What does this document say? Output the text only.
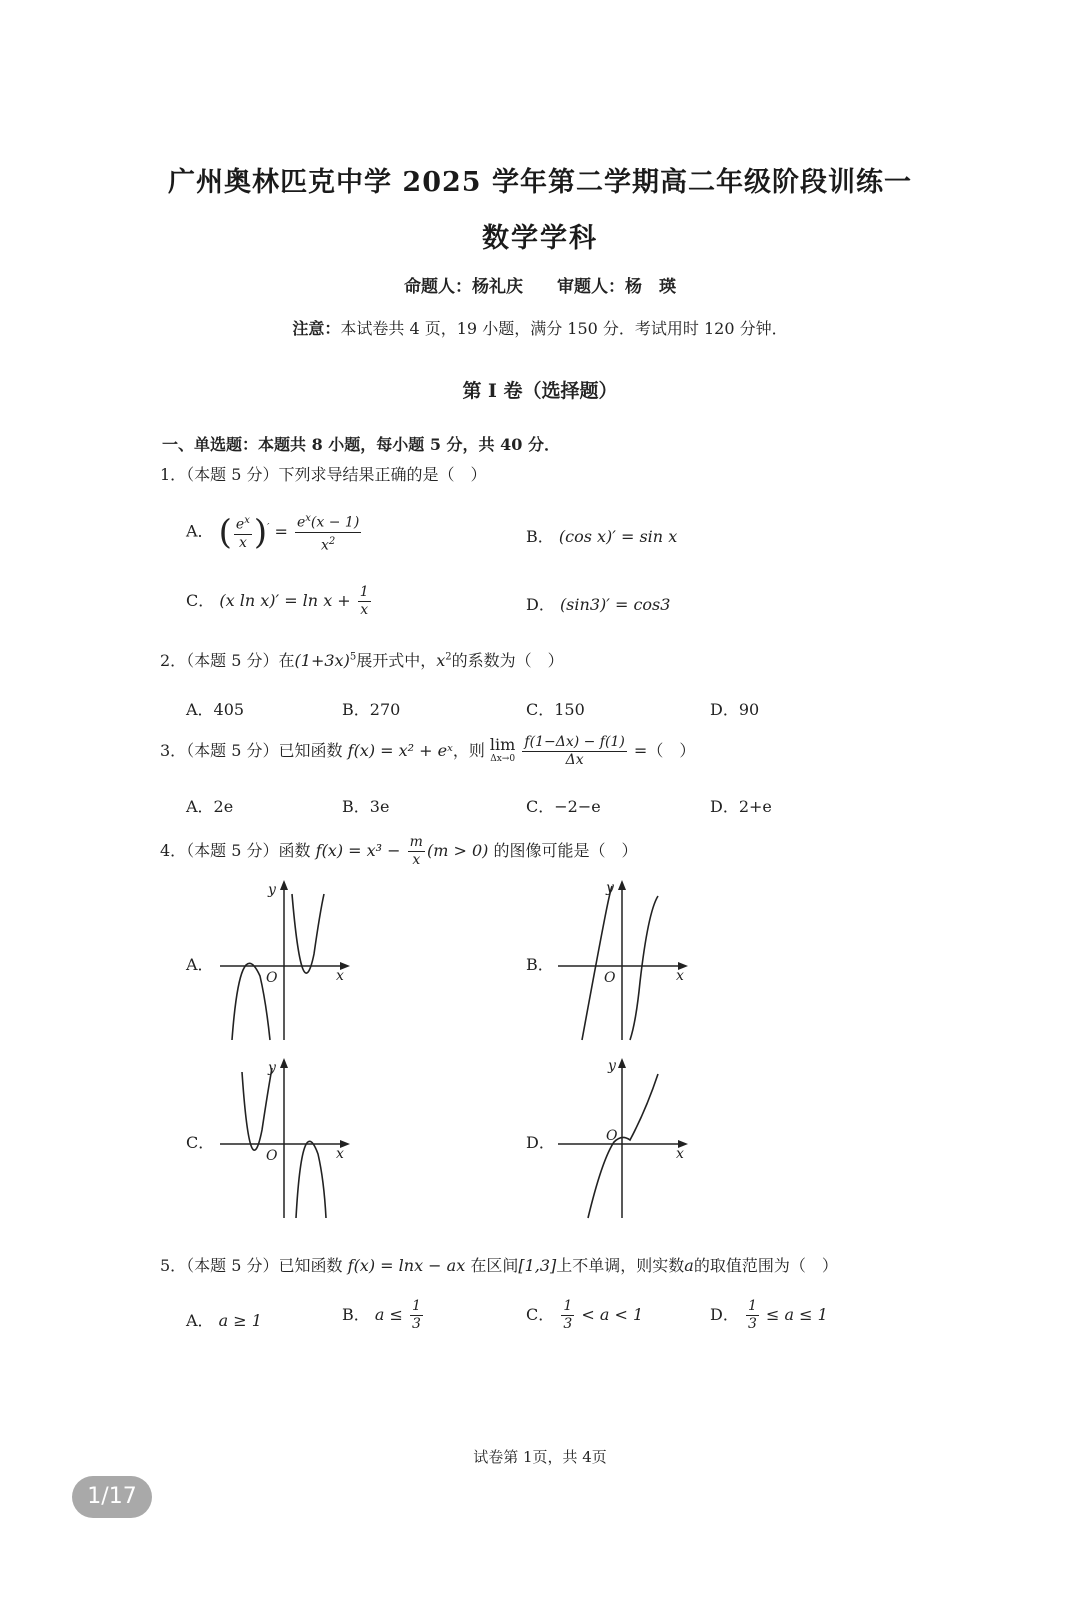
广州奥林匹克中学 2025 学年第二学期高二年级阶段训练一
数学学科
命题人：杨礼庆 审题人：杨　瑛
注意：本试卷共 4 页，19 小题，满分 150 分．考试用时 120 分钟．
第 I 卷（选择题）
一、单选题：本题共 8 小题，每小题 5 分，共 40 分．
1．（本题 5 分）下列求导结果正确的是（　）
A． ( $\frac{e^x}{x} )' = \frac{e^x(x - 1)}{x^2}$	B． (cos x)′ = sin x
C． (x $\ln x)' = \ln x + \frac{1}{x}$	D． (sin3)′ = cos3
2．（本题 5 分）在$(1+3x)^5$展开式中，$x^2$的系数为（　）
A．405	B．270	C．150	D．90
3．（本题 5 分）已知函数 f(x) = x² + eˣ，则 lim
Δx→0
$\frac{f(1-\Delta x) - f(1)}{\Delta x}$ =（　）
A．2e	B．3e	C．−2−e	D．2+e
4．（本题 5 分）函数 $f(x) = x^3 - \frac{m}{x} (m > 0)$ 的图像可能是（　）
A．	B．
C．	D．
y
x
O
y
x
O
y
x
O
y
x
O
5．（本题 5 分）已知函数 f(x) = lnx − ax 在区间[1,3]上不单调，则实数a的取值范围为（　）
A． a ≥ 1	B． $a \le \frac{1}{3}$	C． $\frac{1}{3} < a < 1$	D． $\frac{1}{3} \le a \le 1$
试卷第 1页，共 4页
1/17
